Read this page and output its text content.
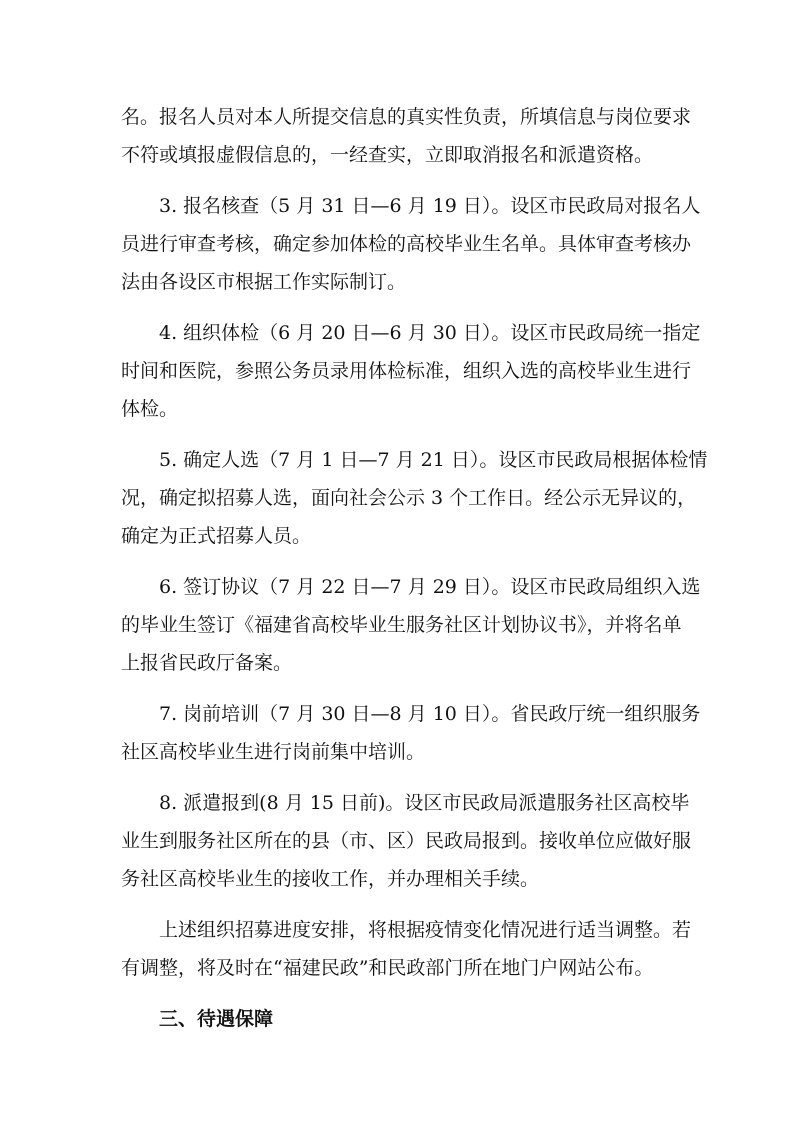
名。报名人员对本人所提交信息的真实性负责，所填信息与岗位要求
不符或填报虚假信息的，一经查实，立即取消报名和派遣资格。
3. 报名核查（5 月 31 日—6 月 19 日）。设区市民政局对报名人
员进行审查考核，确定参加体检的高校毕业生名单。具体审查考核办
法由各设区市根据工作实际制订。
4. 组织体检（6 月 20 日—6 月 30 日）。设区市民政局统一指定
时间和医院，参照公务员录用体检标准，组织入选的高校毕业生进行
体检。
5. 确定人选（7 月 1 日—7 月 21 日）。设区市民政局根据体检情
况，确定拟招募人选，面向社会公示 3 个工作日。经公示无异议的，
确定为正式招募人员。
6. 签订协议（7 月 22 日—7 月 29 日）。设区市民政局组织入选
的毕业生签订《福建省高校毕业生服务社区计划协议书》，并将名单
上报省民政厅备案。
7. 岗前培训（7 月 30 日—8 月 10 日）。省民政厅统一组织服务
社区高校毕业生进行岗前集中培训。
8. 派遣报到(8 月 15 日前)。设区市民政局派遣服务社区高校毕
业生到服务社区所在的县（市、区）民政局报到。接收单位应做好服
务社区高校毕业生的接收工作，并办理相关手续。
上述组织招募进度安排，将根据疫情变化情况进行适当调整。若
有调整，将及时在“福建民政”和民政部门所在地门户网站公布。
三、待遇保障
